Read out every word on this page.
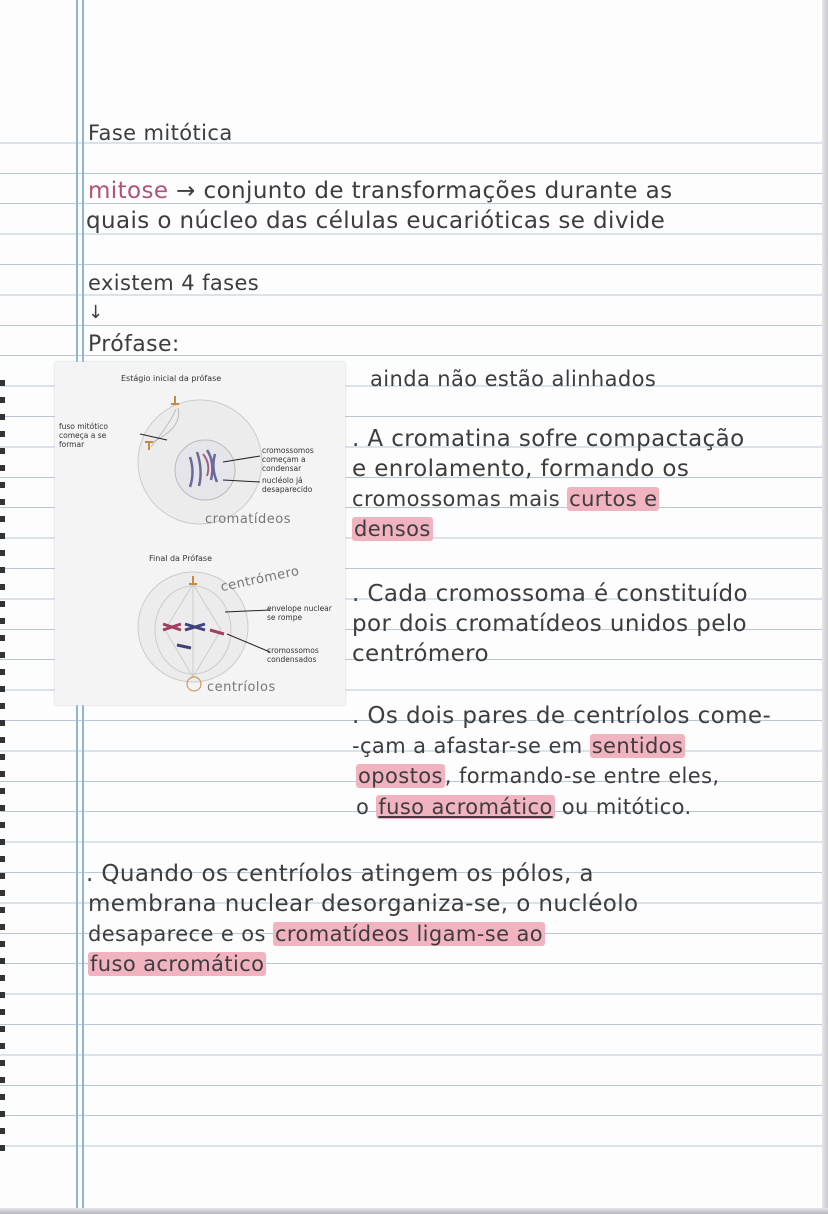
Fase mitótica
mitose → conjunto de transformações durante as
quais o núcleo das células eucarióticas se divide
existem 4 fases
↓
Prófase:
Estágio inicial da prófase
fuso mitótico
começa a se
formar
cromossomos
começam a condensar
nucléolo já
desaparecido
cromatídeos
Final da Prófase
centrómero
envelope nuclear
se rompe
cromossomos
condensados
centríolos
ainda não estão alinhados
. A cromatina sofre compactação
e enrolamento, formando os
cromossomas mais curtos e
densos
. Cada cromossoma é constituído
por dois cromatídeos unidos pelo
centrómero
. Os dois pares de centríolos come-
-çam a afastar-se em sentidos
opostos, formando-se entre eles,
o fuso acromático ou mitótico.
. Quando os centríolos atingem os pólos, a
membrana nuclear desorganiza-se, o nucléolo
desaparece e os cromatídeos ligam-se ao
fuso acromático
